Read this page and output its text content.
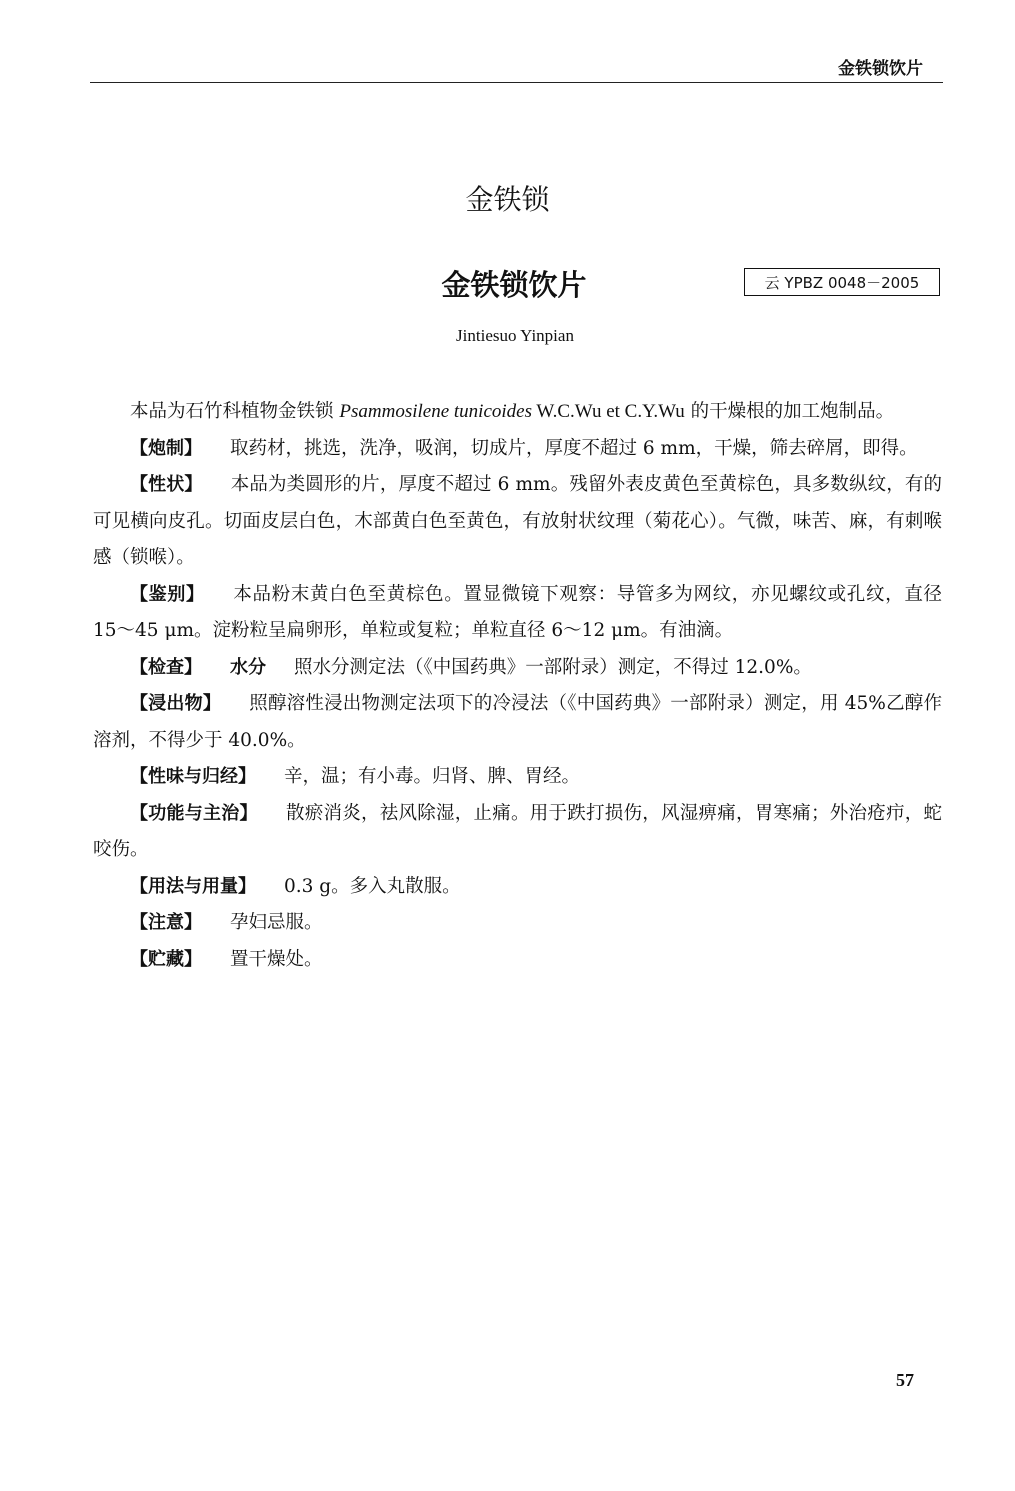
金铁锁饮片
金铁锁
金铁锁饮片	云 YPBZ 0048－2005
Jintiesuo Yinpian

本品为石竹科植物金铁锁 Psammosilene tunicoides W.C.Wu et C.Y.Wu 的干燥根的加工炮制品。

【炮制】 取药材，挑选，洗净，吸润，切成片，厚度不超过 6 mm，干燥，筛去碎屑，即得。

【性状】 本品为类圆形的片，厚度不超过 6 mm。残留外表皮黄色至黄棕色，具多数纵纹，有的可见横向皮孔。切面皮层白色，木部黄白色至黄色，有放射状纹理（菊花心）。气微，味苦、麻，有刺喉感（锁喉）。

【鉴别】 本品粉末黄白色至黄棕色。置显微镜下观察：导管多为网纹，亦见螺纹或孔纹，直径 15～45 μm。淀粉粒呈扁卵形，单粒或复粒；单粒直径 6～12 μm。有油滴。

【检查】 水分 照水分测定法（《中国药典》一部附录）测定，不得过 12.0%。

【浸出物】 照醇溶性浸出物测定法项下的冷浸法（《中国药典》一部附录）测定，用 45%乙醇作溶剂，不得少于 40.0%。

【性味与归经】 辛，温；有小毒。归肾、脾、胃经。

【功能与主治】 散瘀消炎，祛风除湿，止痛。用于跌打损伤，风湿痹痛，胃寒痛；外治疮疖，蛇咬伤。

【用法与用量】 0.3 g。多入丸散服。

【注意】 孕妇忌服。

【贮藏】 置干燥处。

57
